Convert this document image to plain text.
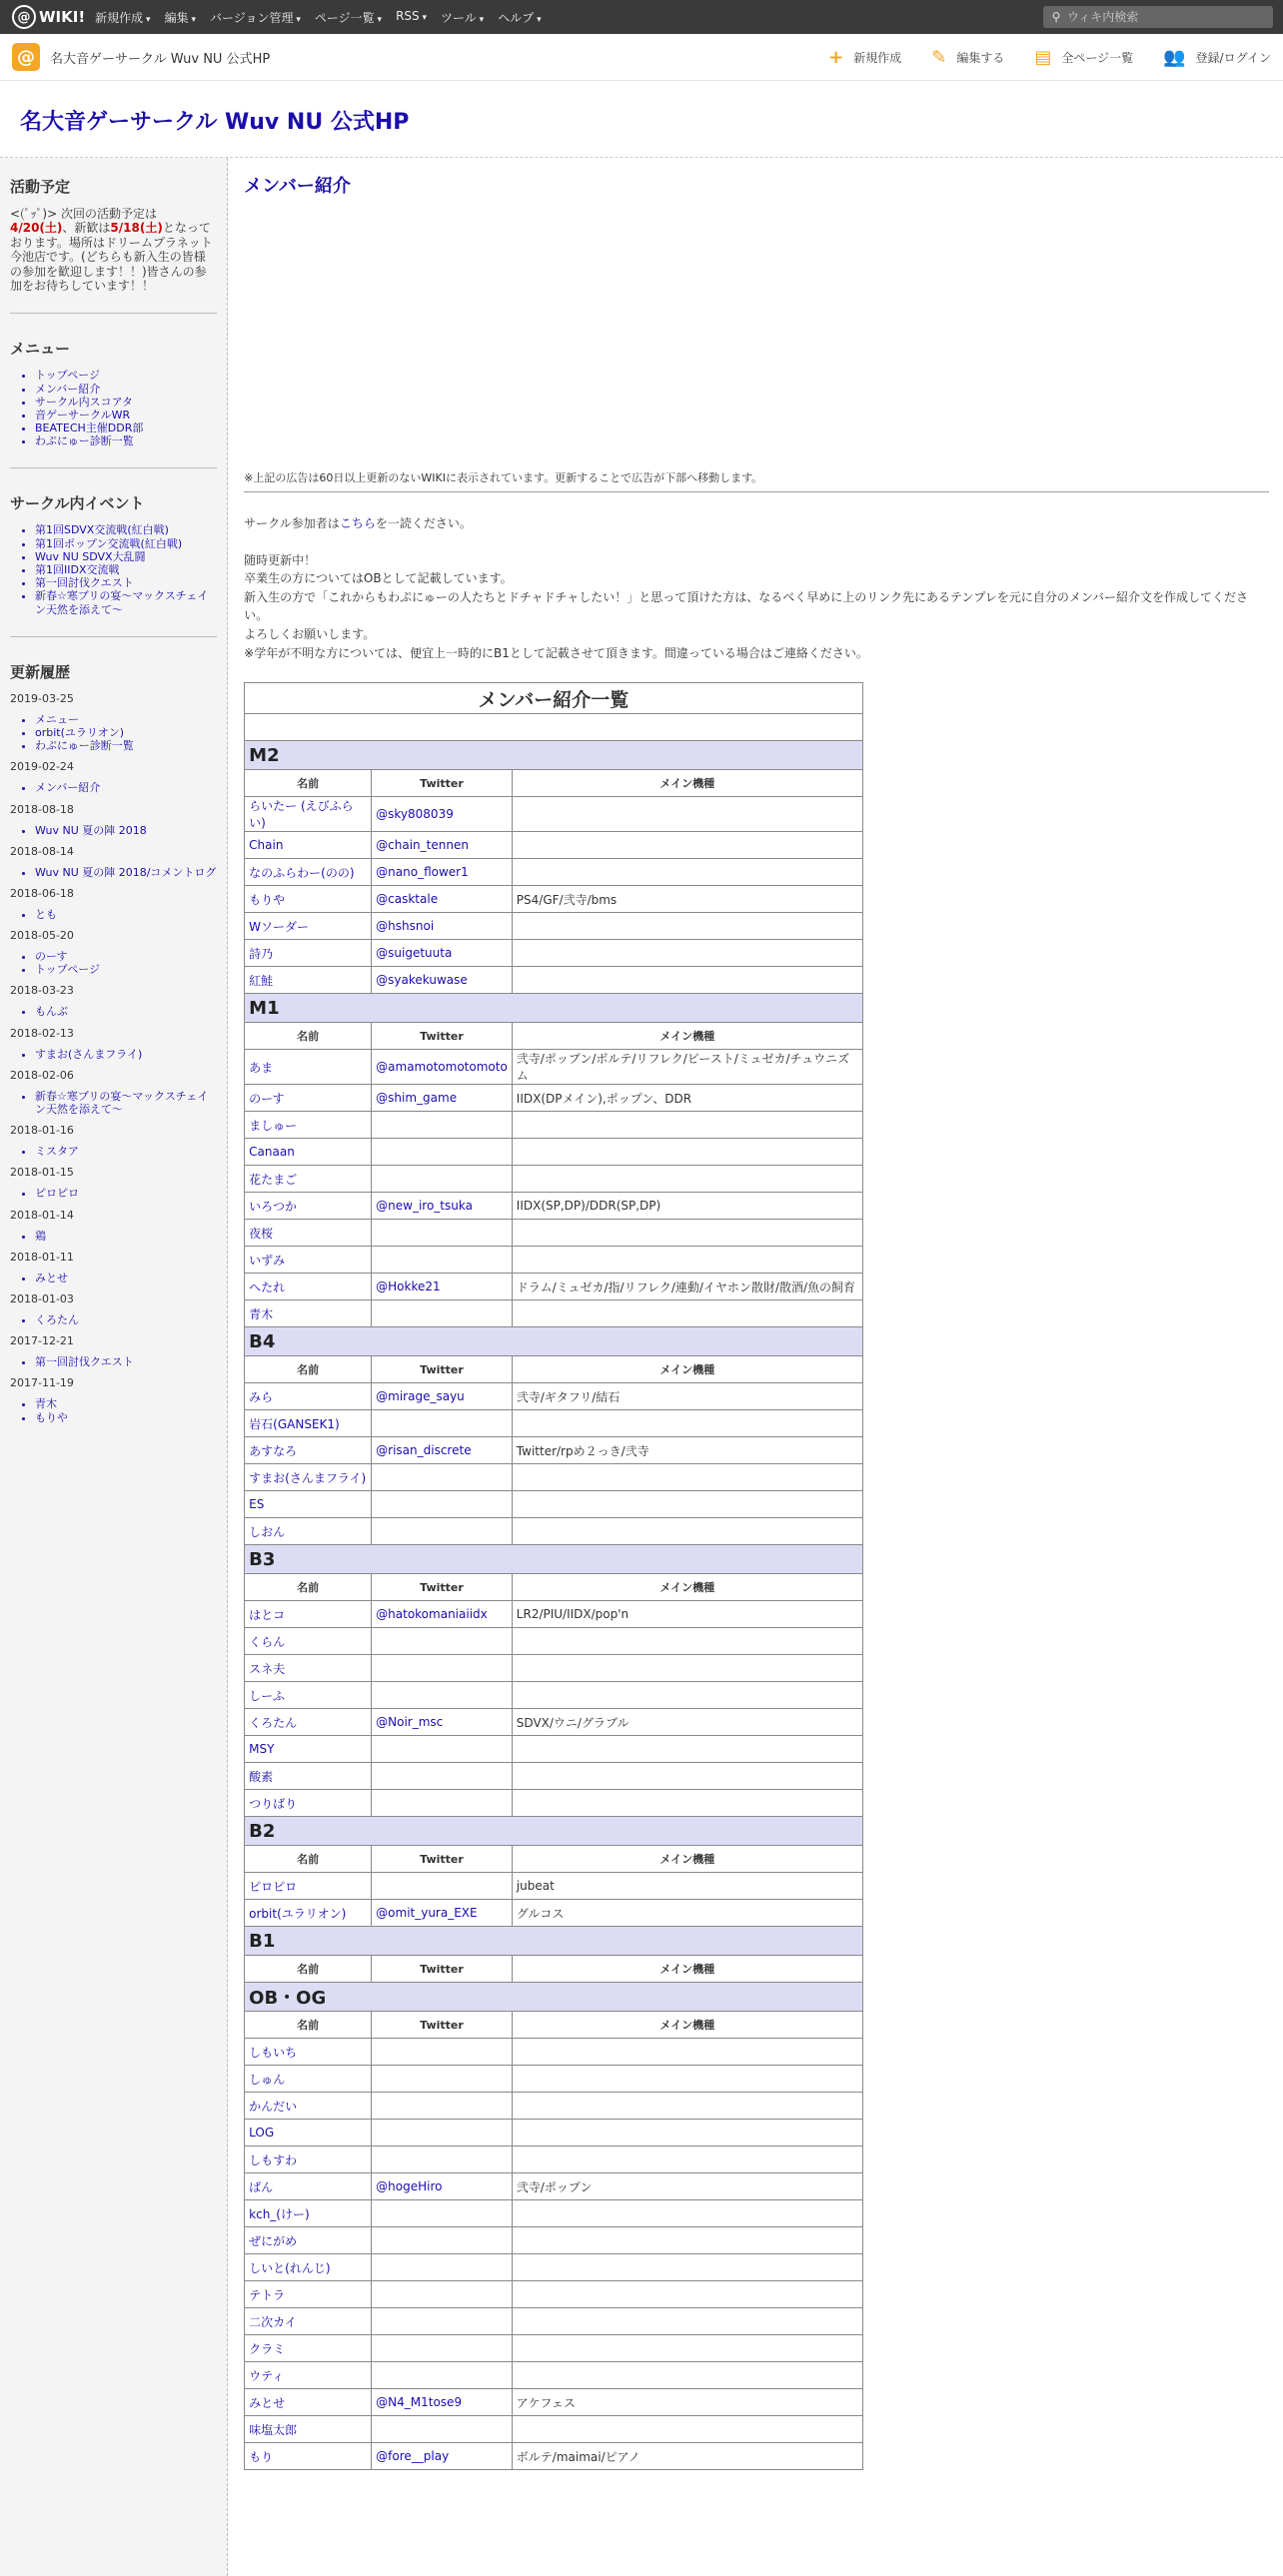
@ WIKI! 新規作成 ▾	編集 ▾	バージョン管理 ▾	ページ一覧 ▾	RSS ▾	ツール ▾	ヘルプ ▾	⚲
ウィキ内検索
@	名大音ゲーサークル Wuv NU 公式HP	+ 新規作成 ✎ 編集する ▤ 全ページ一覧 👥 登録/ログイン
名大音ゲーサークル Wuv NU 公式HP
活動予定

<(ﾟｯﾟ)> 次回の活動予定は
4/20(土)、新歓は5/18(土)となっております。場所はドリームプラネット今池店です。(どちらも新入生の皆様の参加を歓迎します！！)皆さんの参加をお待ちしています！！

メニュー
• トップページ
• メンバー紹介
• サークル内スコアタ
• 音ゲーサークルWR
• BEATECH主催DDR部
• わぷにゅー診断一覧
サークル内イベント
• 第1回SDVX交流戦(紅白戦)
• 第1回ポップン交流戦(紅白戦)
• Wuv NU SDVX大乱闘
• 第1回IIDX交流戦
• 第一回討伐クエスト
• 新春☆寒ブリの宴～マックスチェイン天然を添えて～
更新履歴
2019-03-25
• メニュー
• orbit(ユラリオン)
• わぷにゅー診断一覧
2019-02-24
• メンバー紹介
2018-08-18
• Wuv NU 夏の陣 2018
2018-08-14
• Wuv NU 夏の陣 2018/コメントログ
2018-06-18
• とも
2018-05-20
• のーす
• トップページ
2018-03-23
• もんぶ
2018-02-13
• すまお(さんまフライ)
2018-02-06
• 新春☆寒ブリの宴～マックスチェイン天然を添えて～
2018-01-16
• ミスタア
2018-01-15
• ピロピロ
2018-01-14
• 鶏
2018-01-11
• みとせ
2018-01-03
• くろたん
2017-12-21
• 第一回討伐クエスト
2017-11-19
• 青木
• もりや
メンバー紹介
※上記の広告は60日以上更新のないWIKIに表示されています。更新することで広告が下部へ移動します。

サークル参加者はこちらを一読ください。

随時更新中！
卒業生の方についてはOBとして記載しています。
新入生の方で「これからもわぷにゅーの人たちとドチャドチャしたい！」と思って頂けた方は、なるべく早めに上のリンク先にあるテンプレを元に自分のメンバー紹介文を作成してください。
よろしくお願いします。
※学年が不明な方については、便宜上一時的にB1として記載させて頂きます。間違っている場合はご連絡ください。

メンバー紹介一覧		

M2		
名前	Twitter	メイン機種
らいたー (えびふらい)	@sky808039	
Chain	@chain_tennen	
なのふらわー(のの)	@nano_flower1	
もりや	@casktale	PS4/GF/弐寺/bms
Wソーダー	@hshsnoi	
詩乃	@suigetuuta	
紅鮭	@syakekuwase	
M1		
名前	Twitter	メイン機種
あま	@amamotomotomoto	弐寺/ポップン/ボルテ/リフレク/ビースト/ミュゼカ/チュウニズム
のーす	@shim_game	IIDX(DPメイン),ポップン、DDR
ましゅー		
Canaan		
花たまご		
いろつか	@new_iro_tsuka	IIDX(SP,DP)/DDR(SP,DP)
夜桜		
いずみ		
へたれ	@Hokke21	ドラム/ミュゼカ/指/リフレク/連動/イヤホン散財/散酒/魚の飼育
青木		
B4		
名前	Twitter	メイン機種
みら	@mirage_sayu	弐寺/ギタフリ/結石
岩石(GANSEK1)		
あすなろ	@risan_discrete	Twitter/rpめ２っき/弐寺
すまお(さんまフライ)		
ES		
しおん		
B3		
名前	Twitter	メイン機種
はとコ	@hatokomaniaiidx	LR2/PIU/IIDX/pop'n
くらん		
スネ夫		
しーふ		
くろたん	@Noir_msc	SDVX/ウニ/グラブル
MSY		
酸素		
つりばり		
B2		
名前	Twitter	メイン機種
ピロピロ		jubeat
orbit(ユラリオン)	@omit_yura_EXE	グルコス
B1		
名前	Twitter	メイン機種
OB・OG		
名前	Twitter	メイン機種
しもいち		
しゅん		
かんだい		
LOG		
しもすわ		
ばん	@hogeHiro	弐寺/ポップン
kch_(けー)		
ぜにがめ		
しいと(れんじ)		
テトラ		
二次カイ		
クラミ		
ウティ		
みとせ	@N4_M1tose9	アケフェス
味塩太郎		
もり	@fore__play	ボルテ/maimai/ピアノ
